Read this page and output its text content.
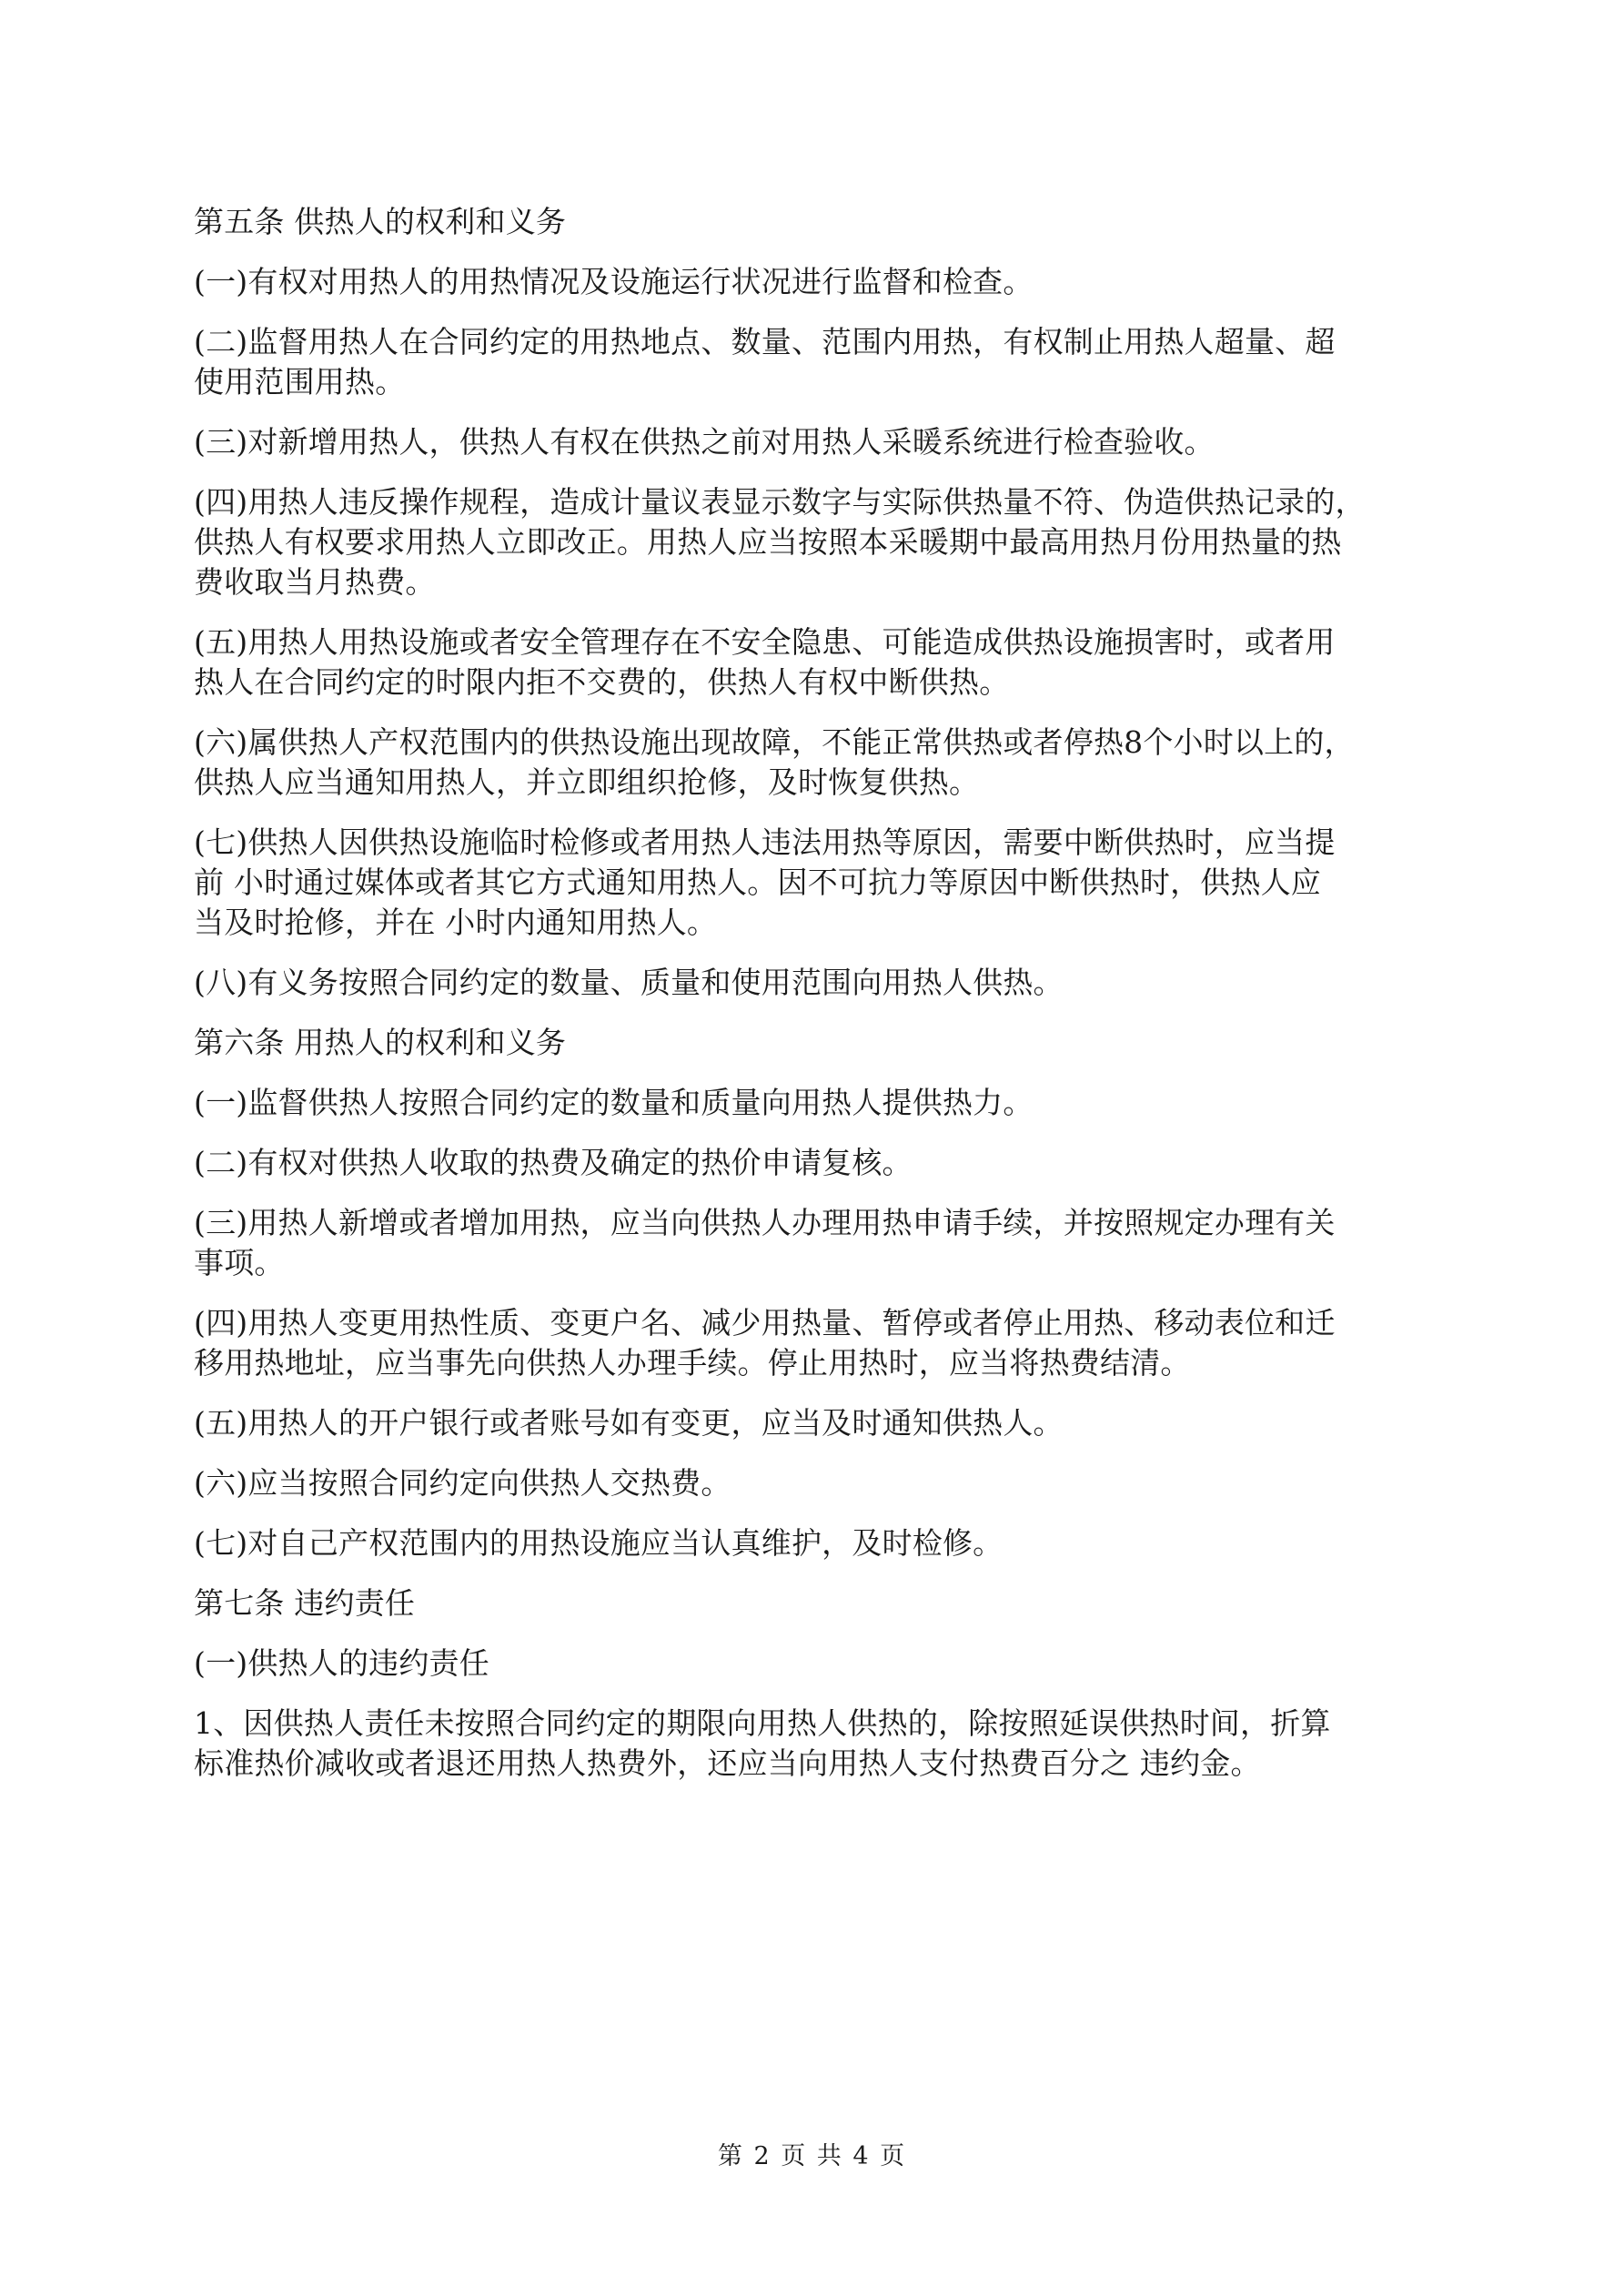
第五条 供热人的权利和义务

(一)有权对用热人的用热情况及设施运行状况进行监督和检查。

(二)监督用热人在合同约定的用热地点、数量、范围内用热，有权制止用热人超量、超

使用范围用热。

(三)对新增用热人，供热人有权在供热之前对用热人采暖系统进行检查验收。

(四)用热人违反操作规程，造成计量议表显示数字与实际供热量不符、伪造供热记录的，

供热人有权要求用热人立即改正。用热人应当按照本采暖期中最高用热月份用热量的热

费收取当月热费。

(五)用热人用热设施或者安全管理存在不安全隐患、可能造成供热设施损害时，或者用

热人在合同约定的时限内拒不交费的，供热人有权中断供热。

(六)属供热人产权范围内的供热设施出现故障，不能正常供热或者停热8个小时以上的，

供热人应当通知用热人，并立即组织抢修，及时恢复供热。

(七)供热人因供热设施临时检修或者用热人违法用热等原因，需要中断供热时，应当提

前 小时通过媒体或者其它方式通知用热人。因不可抗力等原因中断供热时，供热人应

当及时抢修，并在 小时内通知用热人。

(八)有义务按照合同约定的数量、质量和使用范围向用热人供热。

第六条 用热人的权利和义务

(一)监督供热人按照合同约定的数量和质量向用热人提供热力。

(二)有权对供热人收取的热费及确定的热价申请复核。

(三)用热人新增或者增加用热，应当向供热人办理用热申请手续，并按照规定办理有关

事项。

(四)用热人变更用热性质、变更户名、减少用热量、暂停或者停止用热、移动表位和迁

移用热地址，应当事先向供热人办理手续。停止用热时，应当将热费结清。

(五)用热人的开户银行或者账号如有变更，应当及时通知供热人。

(六)应当按照合同约定向供热人交热费。

(七)对自己产权范围内的用热设施应当认真维护，及时检修。

第七条 违约责任

(一)供热人的违约责任

1、因供热人责任未按照合同约定的期限向用热人供热的，除按照延误供热时间，折算

标准热价减收或者退还用热人热费外，还应当向用热人支付热费百分之 违约金。

第 2 页 共 4 页
